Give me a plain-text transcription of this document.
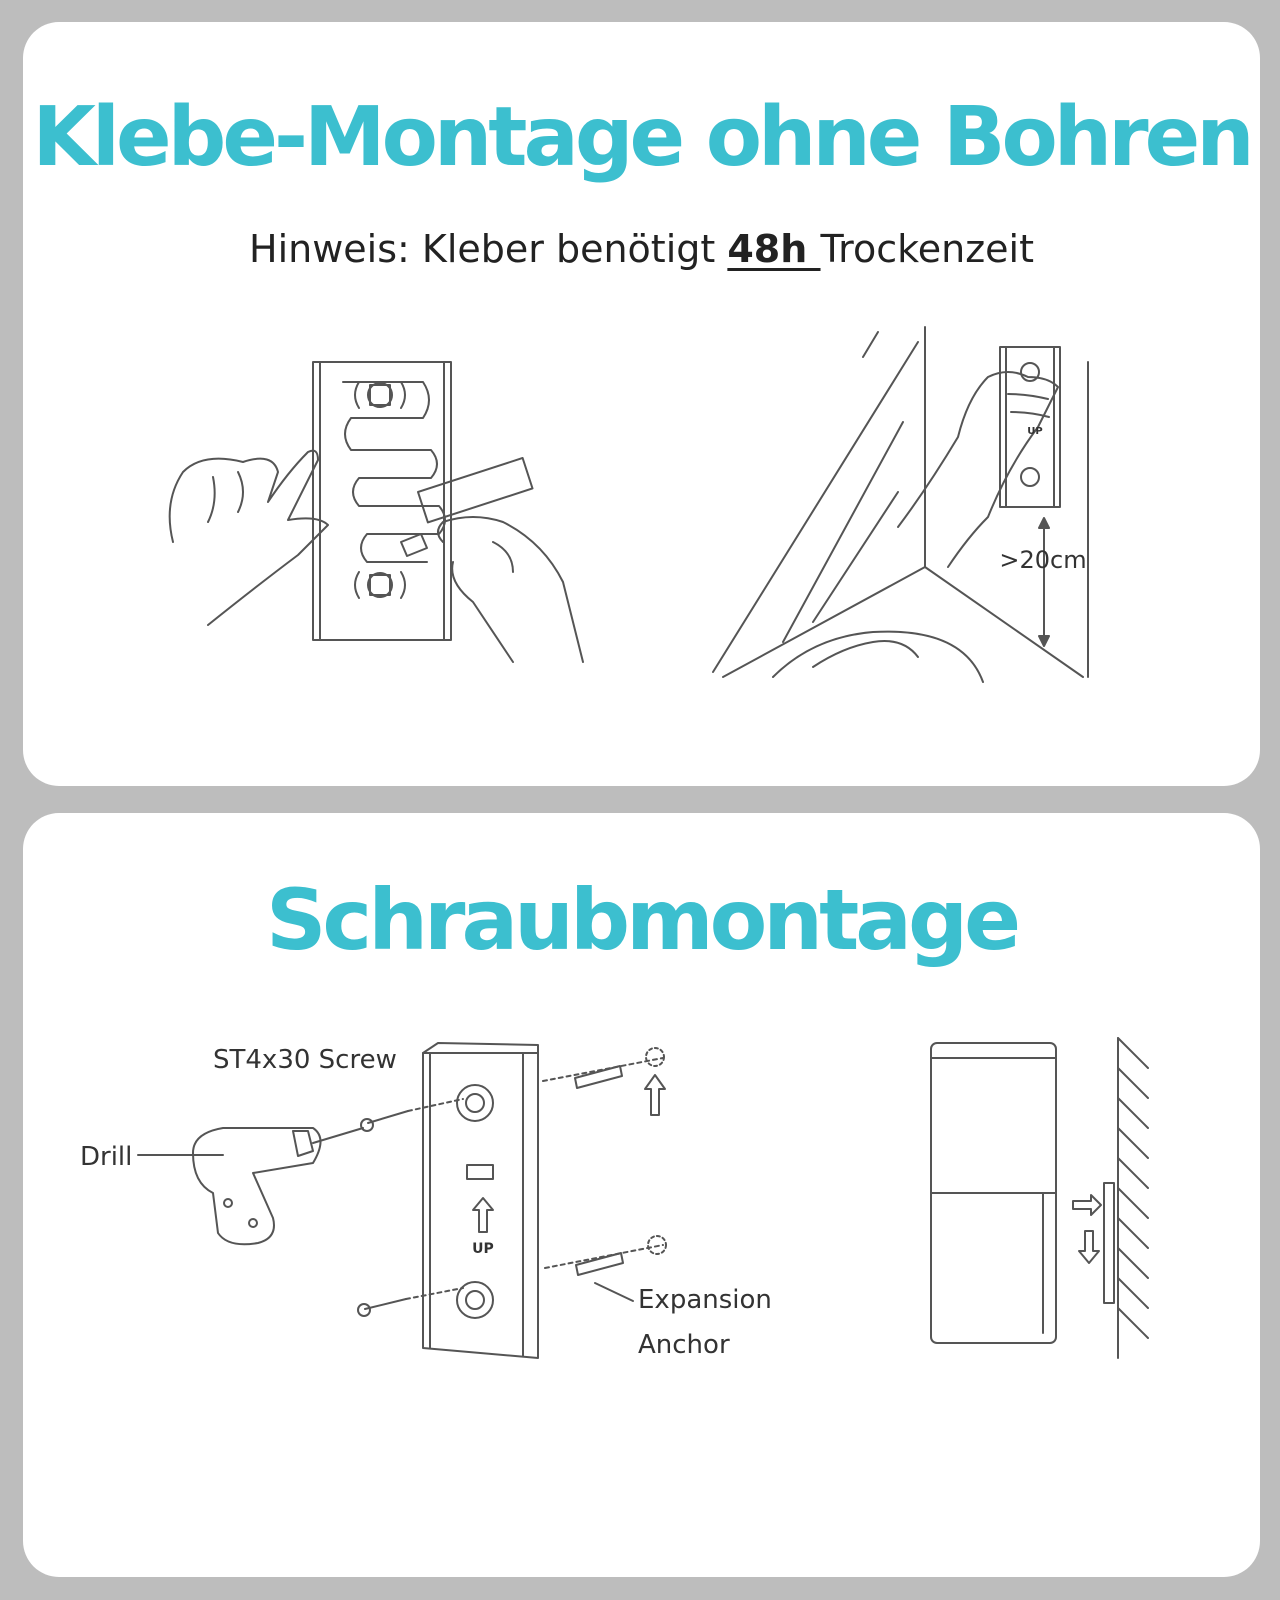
Klebe-Montage ohne Bohren
Hinweis: Kleber benötigt 48h Trockenzeit
>20cm
UP
Schraubmontage
ST4x30 Screw
Drill
Expansion
Anchor
UP
